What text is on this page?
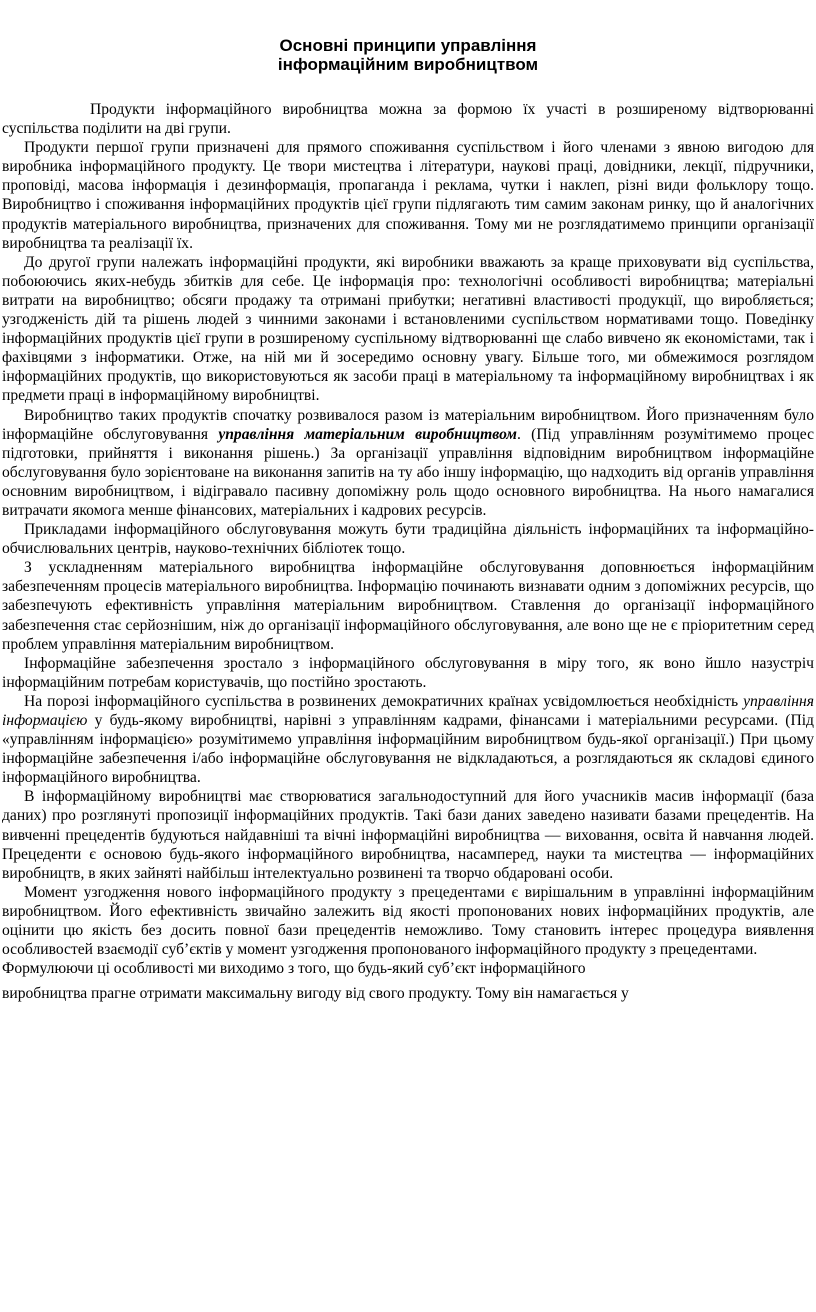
Основні принципи управління
інформаційним виробництвом

Продукти інформаційного виробництва можна за формою їх участі в розширеному відтворюванні суспільства поділити на дві групи.

Продукти першої групи призначені для прямого споживання суспільством і його членами з явною вигодою для виробника інформаційного продукту. Це твори мистецтва і літератури, наукові праці, довідники, лекції, підручники, проповіді, масова інформація і дезинформація, пропаганда і реклама, чутки і наклеп, різні види фольклору тощо. Виробництво і споживання інформаційних продуктів цієї групи підлягають тим самим законам ринку, що й аналогічних продуктів матеріального виробництва, призначених для споживання. Тому ми не розглядатимемо принципи організації виробництва та реалізації їх.

До другої групи належать інформаційні продукти, які виробники вважають за краще приховувати від суспільства, побоюючись яких-небудь збитків для себе. Це інформація про: технологічні особливості виробництва; матеріальні витрати на виробництво; обсяги продажу та отримані прибутки; негативні властивості продукції, що виробляється; узгодженість дій та рішень людей з чинними законами і встановленими суспільством нормативами тощо. Поведінку інформаційних продуктів цієї групи в розширеному суспільному відтворюванні ще слабо вивчено як економістами, так і фахівцями з інформатики. Отже, на ній ми й зосередимо основну увагу. Більше того, ми обмежимося розглядом інформаційних продуктів, що використовуються як засоби праці в матеріальному та інформаційному виробництвах і як предмети праці в інформаційному виробництві.

Виробництво таких продуктів спочатку розвивалося разом із матеріальним виробництвом. Його призначенням було інформаційне обслуговування управління матеріальним виробництвом. (Під управлінням розумітимемо процес підготовки, прийняття і виконання рішень.) За організації управління відповідним виробництвом інформаційне обслуговування було зорієнтоване на виконання запитів на ту або іншу інформацію, що надходить від органів управління основним виробництвом, і відігравало пасивну допоміжну роль щодо основного виробництва. На нього намагалися витрачати якомога менше фінансових, матеріальних і кадрових ресурсів.

Прикладами інформаційного обслуговування можуть бути традиційна діяльність інформаційних та інформаційно-обчислювальних центрів, науково-технічних бібліотек тощо.

З ускладненням матеріального виробництва інформаційне обслуговування доповнюється інформаційним забезпеченням процесів матеріального виробництва. Інформацію починають визнавати одним з допоміжних ресурсів, що забезпечують ефективність управління матеріальним виробництвом. Ставлення до організації інформаційного забезпечення стає серйознішим, ніж до організації інформаційного обслуговування, але воно ще не є пріоритетним серед проблем управління матеріальним виробництвом.

Інформаційне забезпечення зростало з інформаційного обслуговування в міру того, як воно йшло назустріч інформаційним потребам користувачів, що постійно зростають.

На порозі інформаційного суспільства в розвинених демократичних країнах усвідомлюється необхідність управління інформацією у будь-якому виробництві, нарівні з управлінням кадрами, фінансами і матеріальними ресурсами. (Під «управлінням інформацією» розумітимемо управління інформаційним виробництвом будь-якої організації.) При цьому інформаційне забезпечення і/або інформаційне обслуговування не відкладаються, а розглядаються як складові єдиного інформаційного виробництва.

В інформаційному виробництві має створюватися загальнодоступний для його учасників масив інформації (база даних) про розглянуті пропозиції інформаційних продуктів. Такі бази даних заведено називати базами прецедентів. На вивченні прецедентів будуються найдавніші та вічні інформаційні виробництва — виховання, освіта й навчання людей. Прецеденти є основою будь-якого інформаційного виробництва, насамперед, науки та мистецтва — інформаційних виробництв, в яких зайняті найбільш інтелектуально розвинені та творчо обдаровані особи.

Момент узгодження нового інформаційного продукту з прецедентами є вирішальним в управлінні інформаційним виробництвом. Його ефективність звичайно залежить від якості пропонованих нових інформаційних продуктів, але оцінити цю якість без досить повної бази прецедентів неможливо. Тому становить інтерес процедура виявлення особливостей взаємодії суб’єктів у момент узгодження пропонованого інформаційного продукту з прецедентами.

Формулюючи ці особливості ми виходимо з того, що будь-який суб’єкт інформаційного

виробництва прагне отримати максимальну вигоду від свого продукту. Тому він намагається у
